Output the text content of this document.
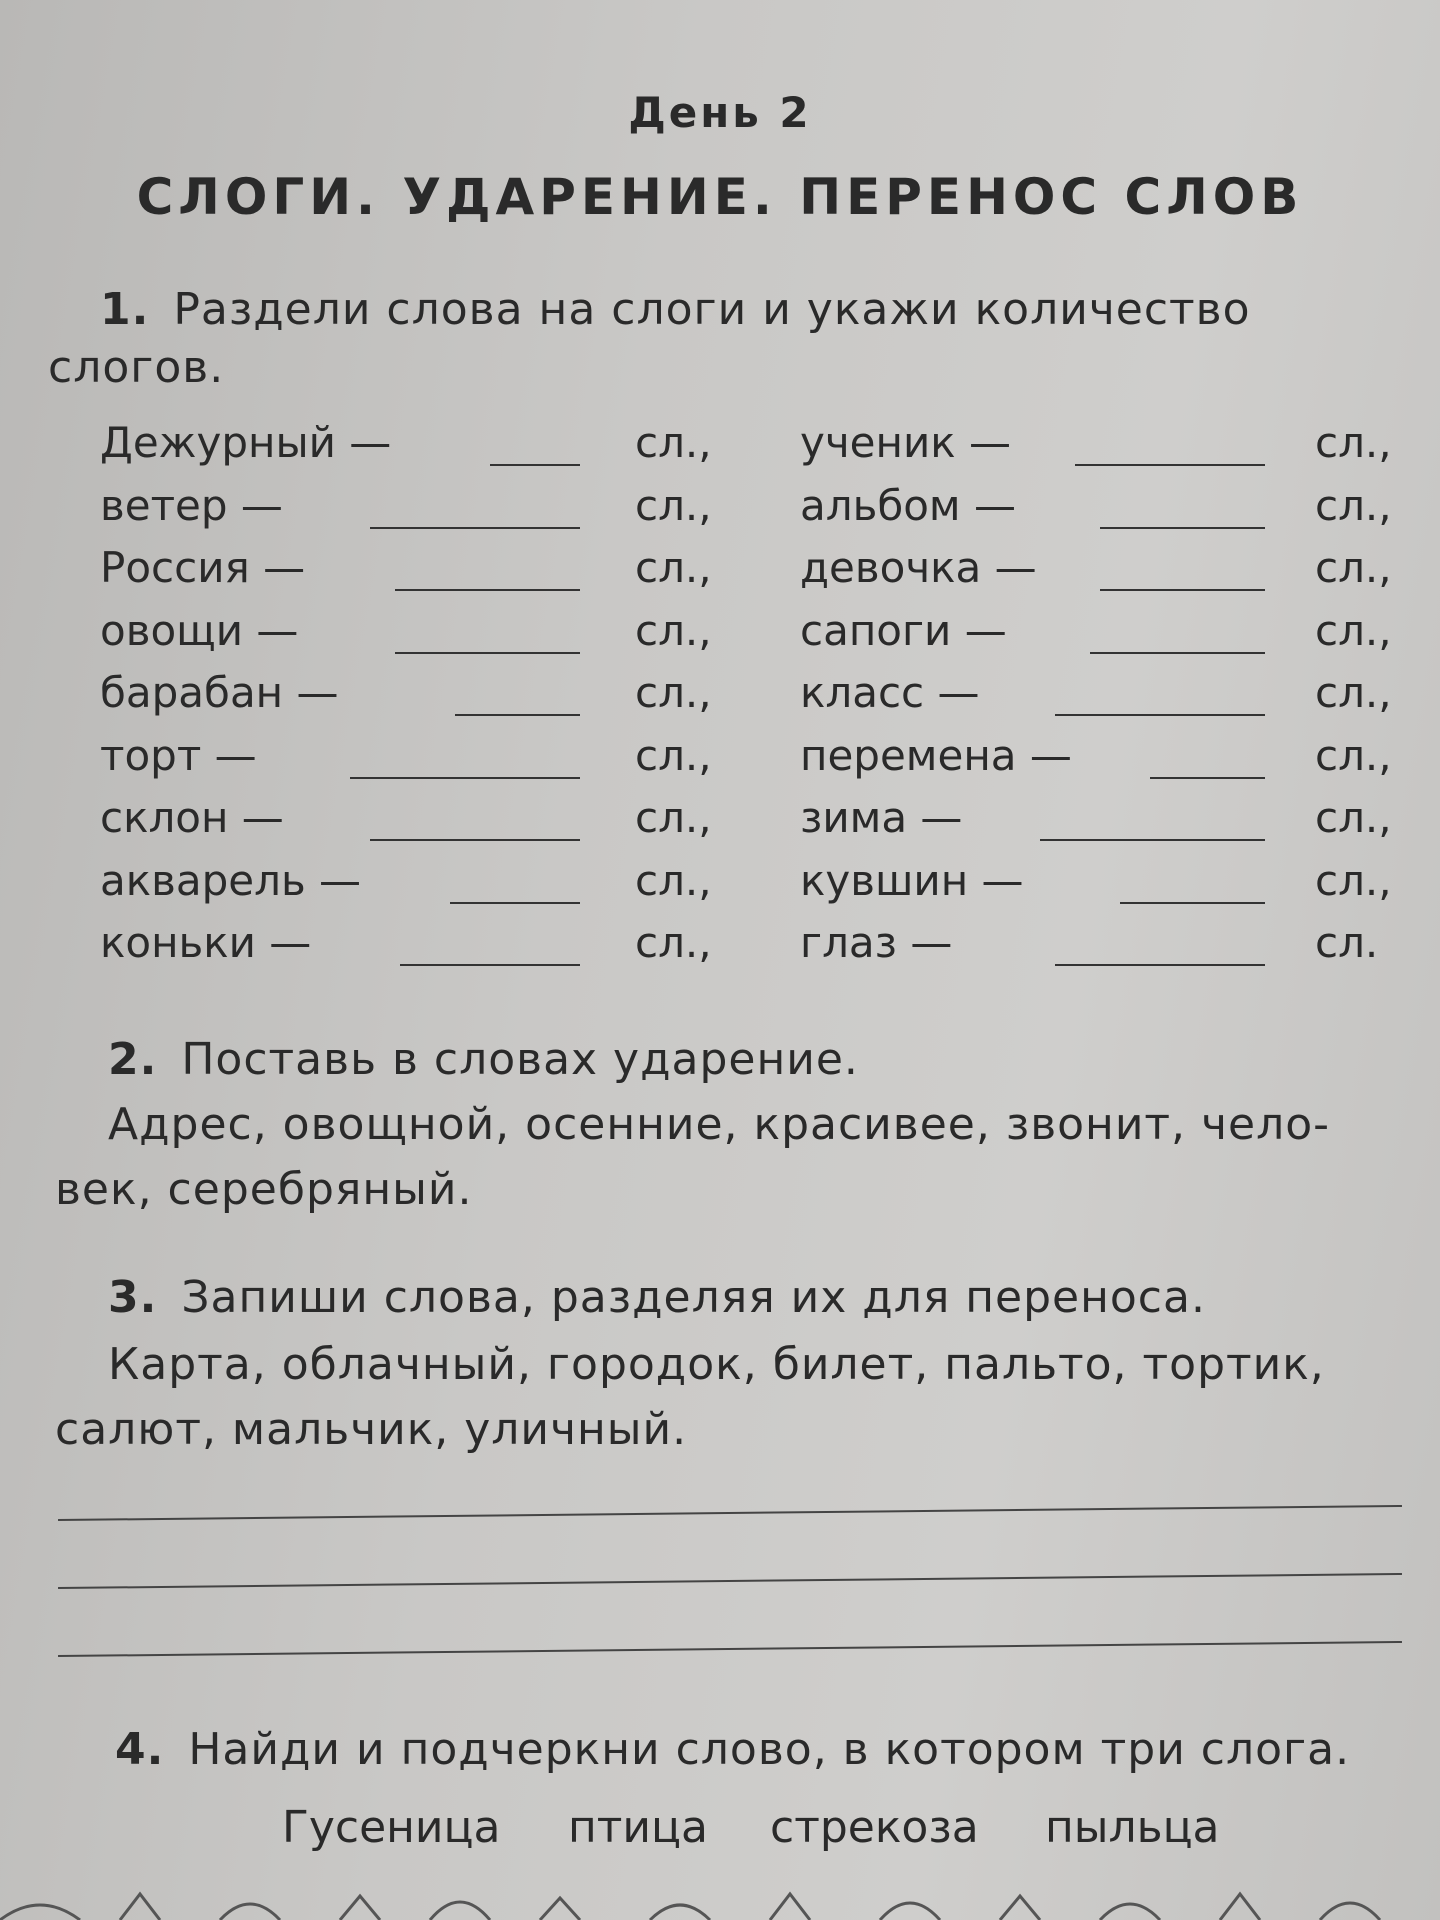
День 2
СЛОГИ. УДАРЕНИЕ. ПЕРЕНОС СЛОВ
1. Раздели слова на слоги и укажи количество
слогов.
Дежурный —	сл., ученик —	сл.,
ветер —	сл., альбом —	сл.,
Россия —	сл., девочка —	сл.,
овощи —	сл., сапоги —	сл.,
барабан —	сл., класс —	сл.,
торт —	сл., перемена —	сл.,
склон —	сл., зима —	сл.,
акварель —	сл., кувшин —	сл.,
коньки —	сл., глаз —	сл.
2. Поставь в словах ударение.
Адрес, овощной, осенние, красивее, звонит, чело-
век, серебряный.
3. Запиши слова, разделяя их для переноса.
Карта, облачный, городок, билет, пальто, тортик,
салют, мальчик, уличный.
4. Найди и подчеркни слово, в котором три слога.
Гусеница птица стрекоза пыльца
